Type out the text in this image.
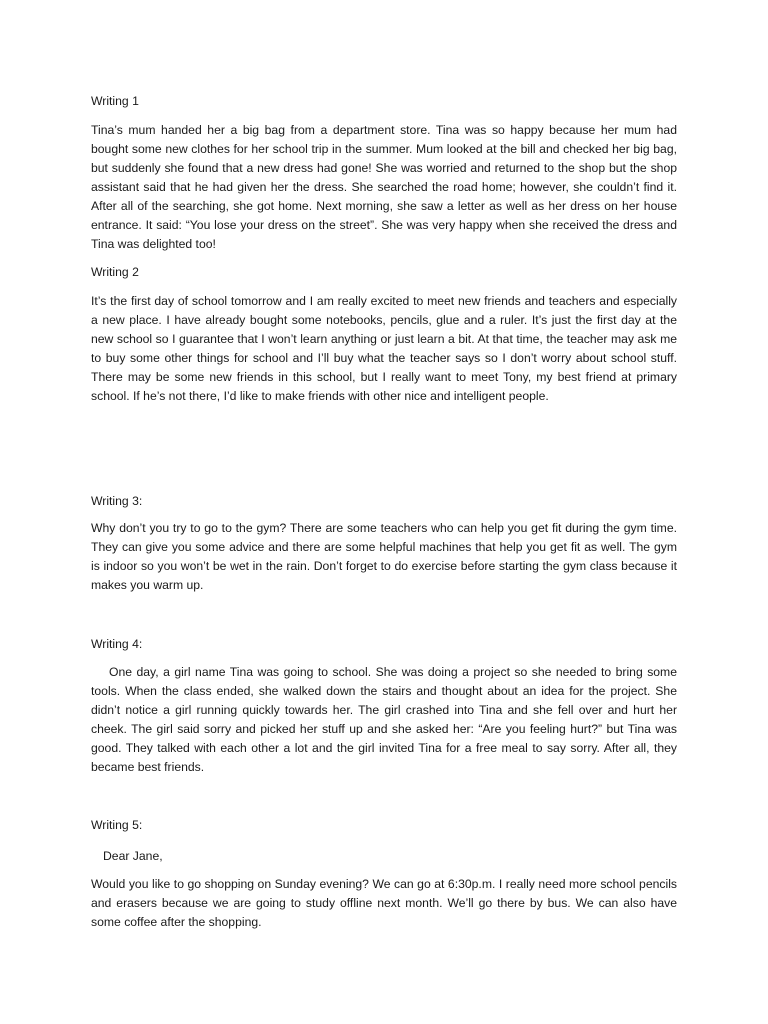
Writing 1

Tina’s mum handed her a big bag from a department store. Tina was so happy because her mum had bought some new clothes for her school trip in the summer. Mum looked at the bill and checked her big bag, but suddenly she found that a new dress had gone! She was worried and returned to the shop but the shop assistant said that he had given her the dress. She searched the road home; however, she couldn’t find it. After all of the searching, she got home. Next morning, she saw a letter as well as her dress on her house entrance. It said: “You lose your dress on the street”. She was very happy when she received the dress and Tina was delighted too!

Writing 2

It’s the first day of school tomorrow and I am really excited to meet new friends and teachers and especially a new place. I have already bought some notebooks, pencils, glue and a ruler. It’s just the first day at the new school so I guarantee that I won’t learn anything or just learn a bit. At that time, the teacher may ask me to buy some other things for school and I’ll buy what the teacher says so I don’t worry about school stuff. There may be some new friends in this school, but I really want to meet Tony, my best friend at primary school. If he’s not there, I’d like to make friends with other nice and intelligent people.

Writing 3:

Why don’t you try to go to the gym? There are some teachers who can help you get fit during the gym time. They can give you some advice and there are some helpful machines that help you get fit as well. The gym is indoor so you won’t be wet in the rain. Don’t forget to do exercise before starting the gym class because it makes you warm up.

Writing 4:

One day, a girl name Tina was going to school. She was doing a project so she needed to bring some tools. When the class ended, she walked down the stairs and thought about an idea for the project. She didn’t notice a girl running quickly towards her. The girl crashed into Tina and she fell over and hurt her cheek. The girl said sorry and picked her stuff up and she asked her: “Are you feeling hurt?” but Tina was good. They talked with each other a lot and the girl invited Tina for a free meal to say sorry. After all, they became best friends.

Writing 5:

Dear Jane,

Would you like to go shopping on Sunday evening? We can go at 6:30p.m. I really need more school pencils and erasers because we are going to study offline next month. We’ll go there by bus. We can also have some coffee after the shopping.
